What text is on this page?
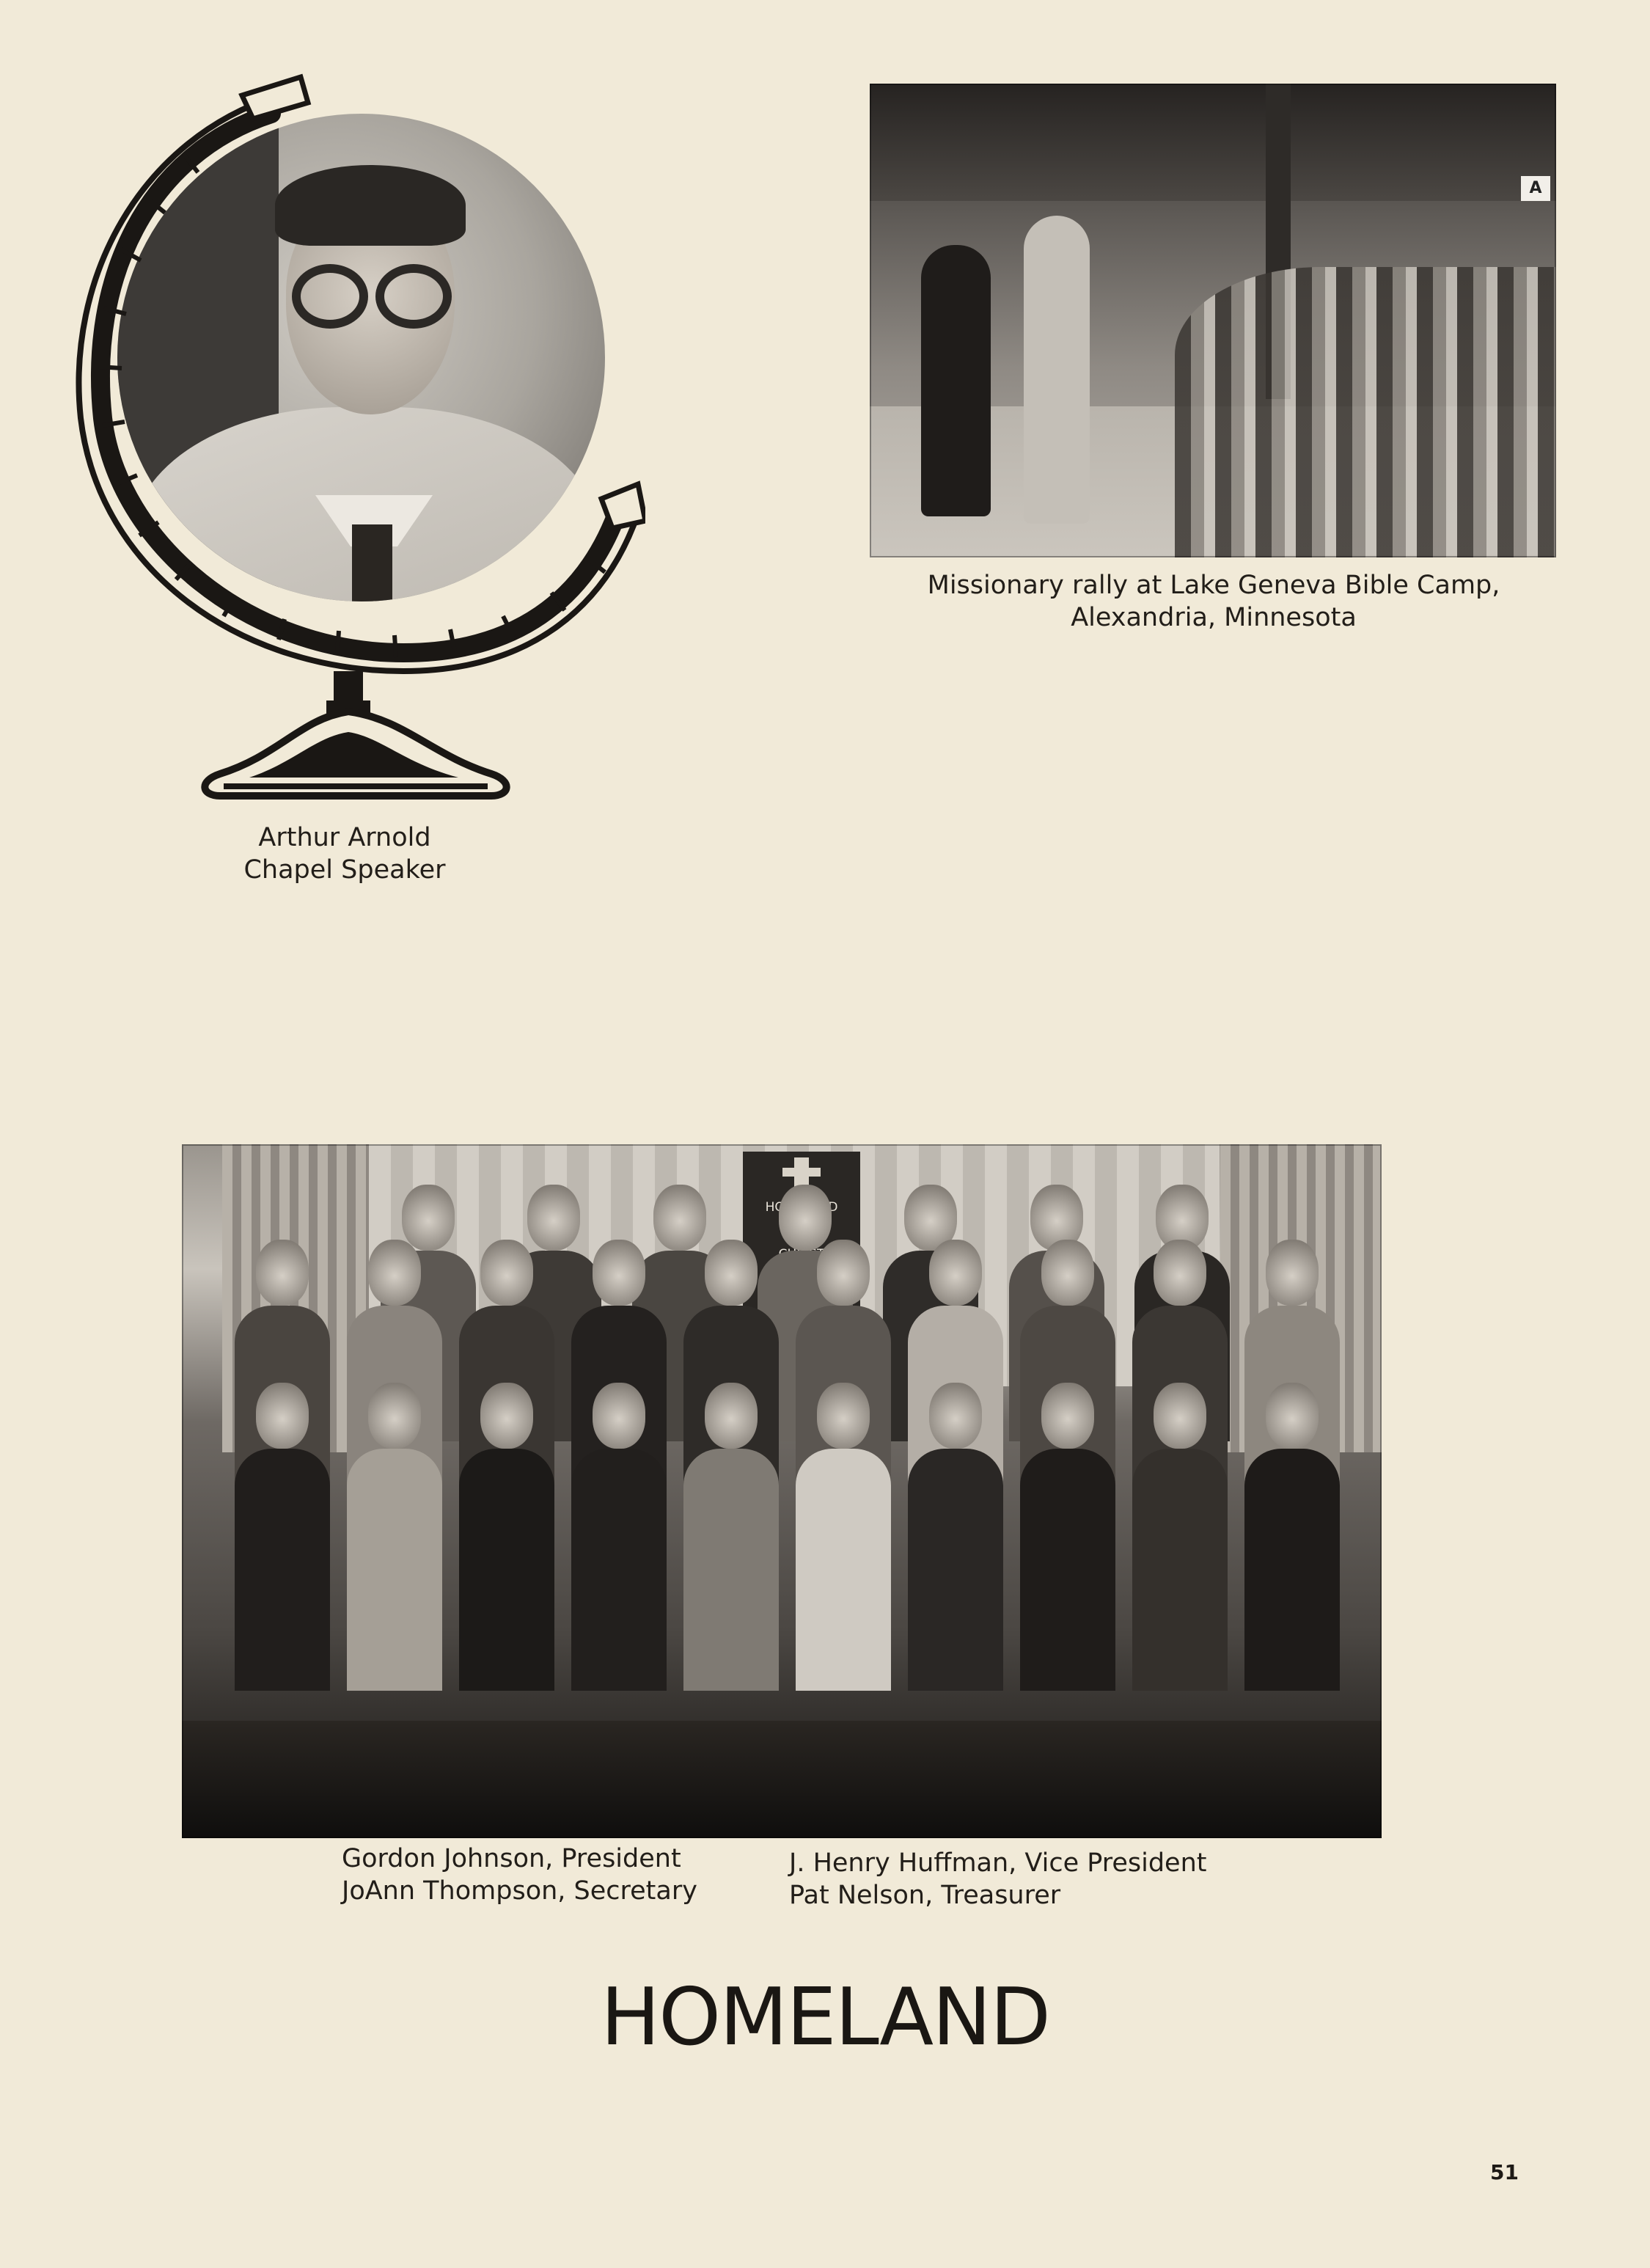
Arthur Arnold
Chapel Speaker
A
Missionary rally at Lake Geneva Bible Camp,
Alexandria, Minnesota
HOMELAND
FOR
CHRIST
Gordon Johnson, President
JoAnn Thompson, Secretary
J. Henry Huffman, Vice President
Pat Nelson, Treasurer
HOMELAND
51
